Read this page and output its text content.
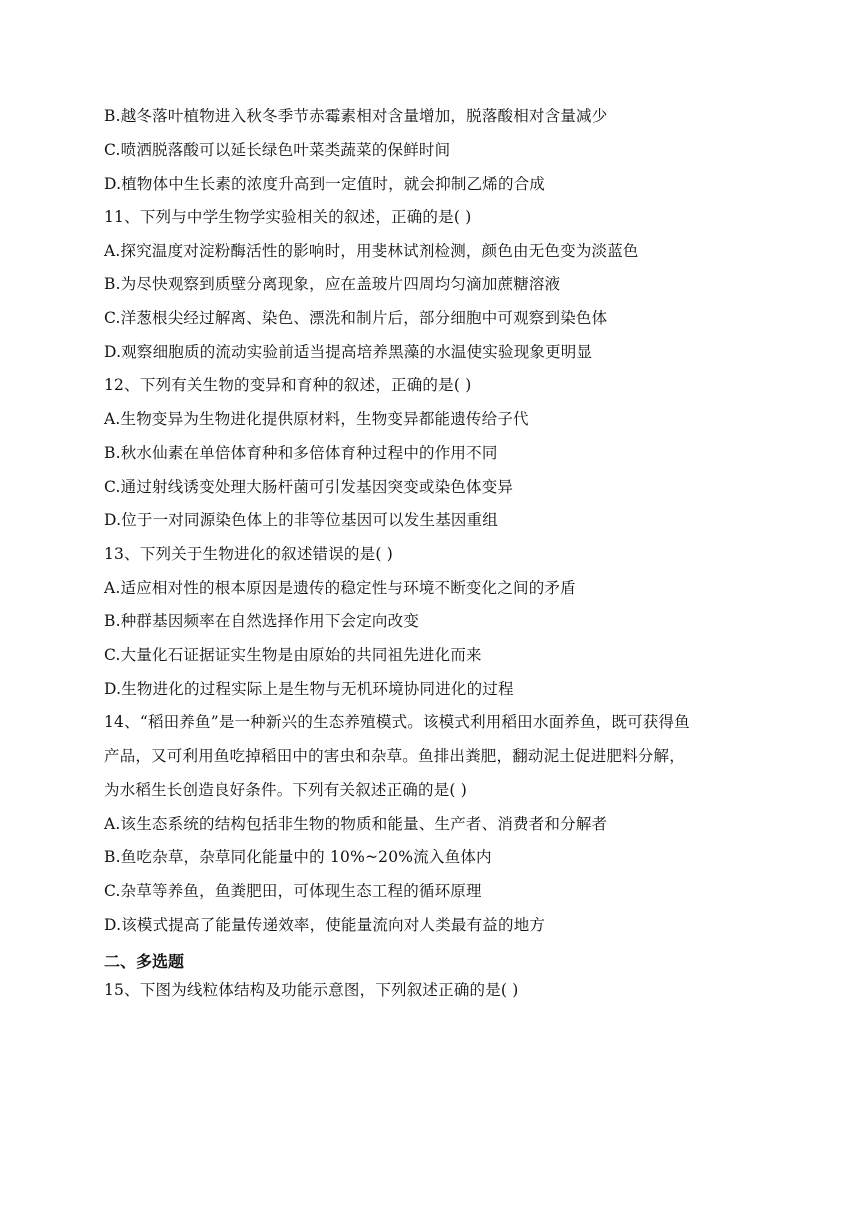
B.越冬落叶植物进入秋冬季节赤霉素相对含量增加，脱落酸相对含量减少
C.喷洒脱落酸可以延长绿色叶菜类蔬菜的保鲜时间
D.植物体中生长素的浓度升高到一定值时，就会抑制乙烯的合成
11、下列与中学生物学实验相关的叙述，正确的是( )
A.探究温度对淀粉酶活性的影响时，用斐林试剂检测，颜色由无色变为淡蓝色
B.为尽快观察到质壁分离现象，应在盖玻片四周均匀滴加蔗糖溶液
C.洋葱根尖经过解离、染色、漂洗和制片后，部分细胞中可观察到染色体
D.观察细胞质的流动实验前适当提高培养黑藻的水温使实验现象更明显
12、下列有关生物的变异和育种的叙述，正确的是( )
A.生物变异为生物进化提供原材料，生物变异都能遗传给子代
B.秋水仙素在单倍体育种和多倍体育种过程中的作用不同
C.通过射线诱变处理大肠杆菌可引发基因突变或染色体变异
D.位于一对同源染色体上的非等位基因可以发生基因重组
13、下列关于生物进化的叙述错误的是( )
A.适应相对性的根本原因是遗传的稳定性与环境不断变化之间的矛盾
B.种群基因频率在自然选择作用下会定向改变
C.大量化石证据证实生物是由原始的共同祖先进化而来
D.生物进化的过程实际上是生物与无机环境协同进化的过程
14、“稻田养鱼”是一种新兴的生态养殖模式。该模式利用稻田水面养鱼，既可获得鱼
产品，又可利用鱼吃掉稻田中的害虫和杂草。鱼排出粪肥，翻动泥土促进肥料分解，
为水稻生长创造良好条件。下列有关叙述正确的是( )
A.该生态系统的结构包括非生物的物质和能量、生产者、消费者和分解者
B.鱼吃杂草，杂草同化能量中的 10%~20%流入鱼体内
C.杂草等养鱼，鱼粪肥田，可体现生态工程的循环原理
D.该模式提高了能量传递效率，使能量流向对人类最有益的地方
二、多选题
15、下图为线粒体结构及功能示意图，下列叙述正确的是( )
